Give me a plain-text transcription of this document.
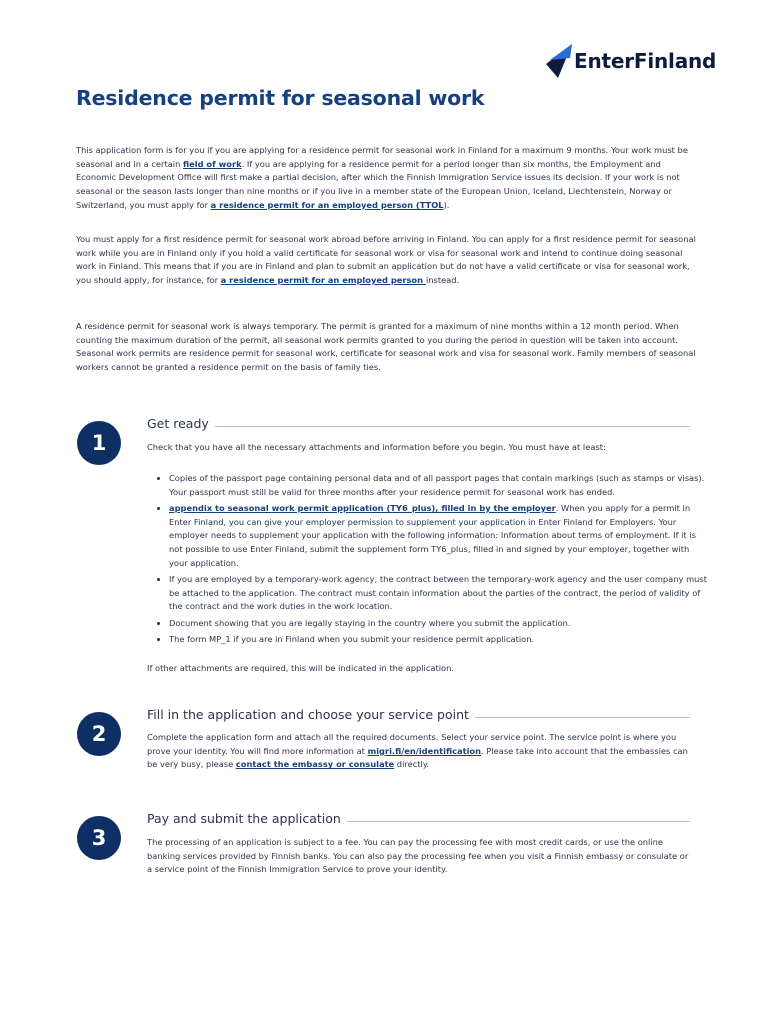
EnterFinland
Residence permit for seasonal work

This application form is for you if you are applying for a residence permit for seasonal work in Finland for a maximum 9 months. Your work must be seasonal and in a certain field of work. If you are applying for a residence permit for a period longer than six months, the Employment and Economic Development Office will first make a partial decision, after which the Finnish Immigration Service issues its decision. If your work is not seasonal or the season lasts longer than nine months or if you live in a member state of the European Union, Iceland, Liechtenstein, Norway or Switzerland, you must apply for a residence permit for an employed person (TTOL).

You must apply for a first residence permit for seasonal work abroad before arriving in Finland. You can apply for a first residence permit for seasonal work while you are in Finland only if you hold a valid certificate for seasonal work or visa for seasonal work and intend to continue doing seasonal work in Finland. This means that if you are in Finland and plan to submit an application but do not have a valid certificate or visa for seasonal work, you should apply, for instance, for a residence permit for an employed person instead.

A residence permit for seasonal work is always temporary. The permit is granted for a maximum of nine months within a 12 month period. When counting the maximum duration of the permit, all seasonal work permits granted to you during the period in question will be taken into account. Seasonal work permits are residence permit for seasonal work, certificate for seasonal work and visa for seasonal work. Family members of seasonal workers cannot be granted a residence permit on the basis of family ties.

1
Get ready

Check that you have all the necessary attachments and information before you begin. You must have at least:

• Copies of the passport page containing personal data and of all passport pages that contain markings (such as stamps or visas). Your passport must still be valid for three months after your residence permit for seasonal work has ended.
• appendix to seasonal work permit application (TY6_plus), filled in by the employer. When you apply for a permit in Enter Finland, you can give your employer permission to supplement your application in Enter Finland for Employers. Your employer needs to supplement your application with the following information: Information about terms of employment. If it is not possible to use Enter Finland, submit the supplement form TY6_plus, filled in and signed by your employer, together with your application.
• If you are employed by a temporary-work agency, the contract between the temporary-work agency and the user company must be attached to the application. The contract must contain information about the parties of the contract, the period of validity of the contract and the work duties in the work location.
• Document showing that you are legally staying in the country where you submit the application.
• The form MP_1 if you are in Finland when you submit your residence permit application.

If other attachments are required, this will be indicated in the application.

2
Fill in the application and choose your service point

Complete the application form and attach all the required documents. Select your service point. The service point is where you prove your identity. You will find more information at migri.fi/en/identification. Please take into account that the embassies can be very busy, please contact the embassy or consulate directly.

3
Pay and submit the application

The processing of an application is subject to a fee. You can pay the processing fee with most credit cards, or use the online banking services provided by Finnish banks. You can also pay the processing fee when you visit a Finnish embassy or consulate or a service point of the Finnish Immigration Service to prove your identity.
